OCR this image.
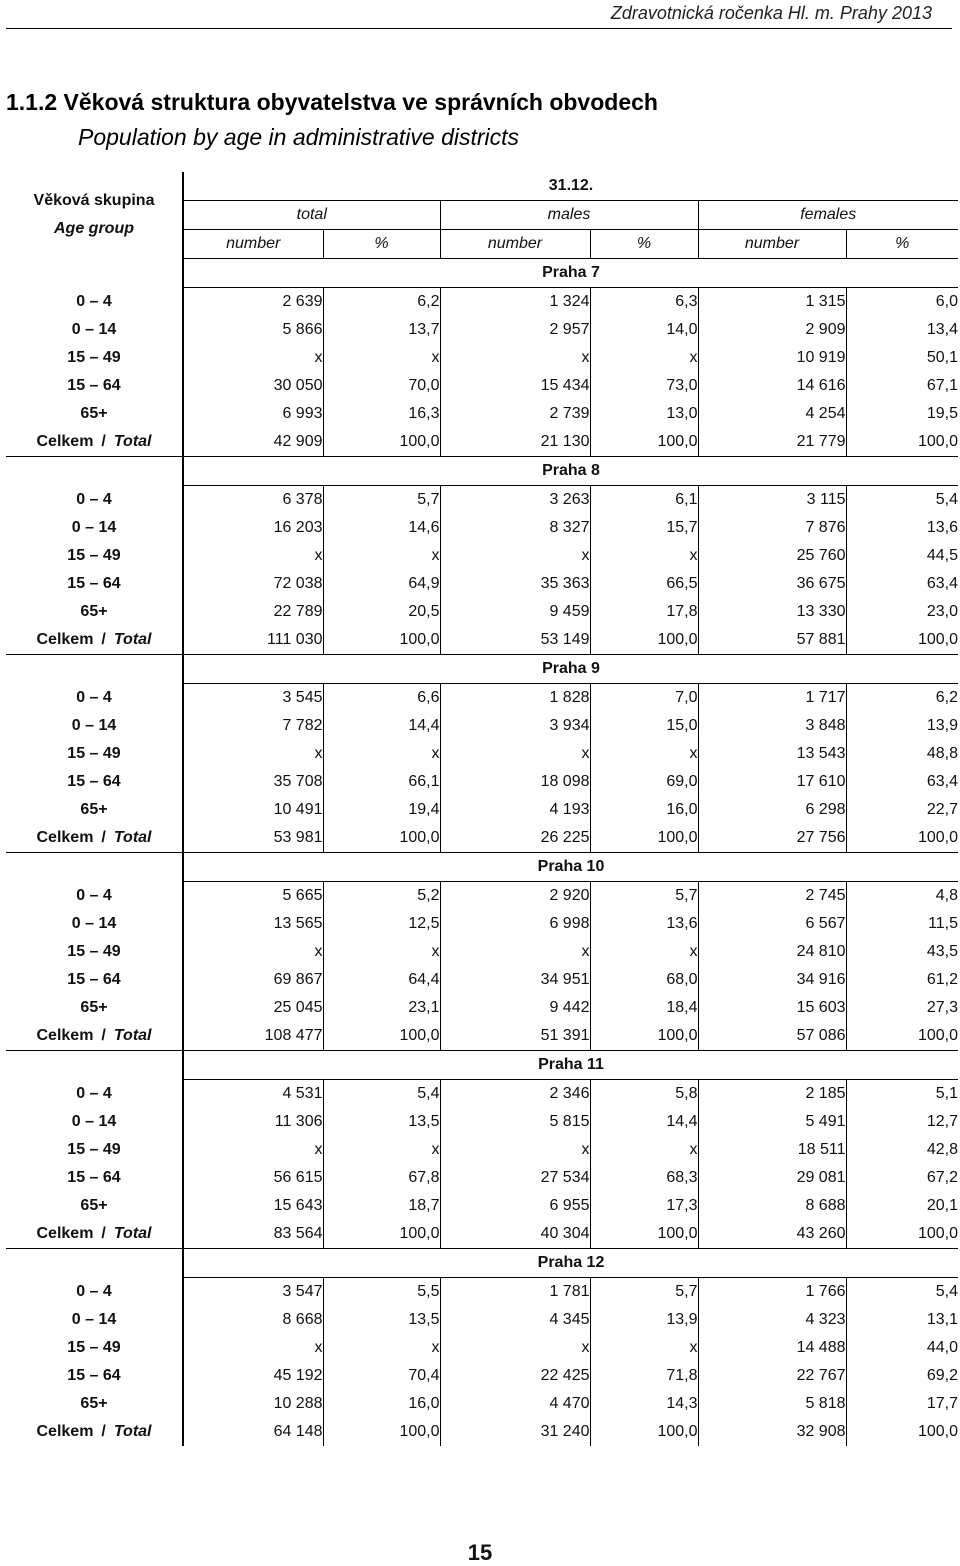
Zdravotnická ročenka Hl. m. Prahy 2013
1.1.2 Věková struktura obyvatelstva ve správních obvodech
Population by age in administrative districts
Věková skupina
Age group	31.12.					
	total		males		females	
	number	%	number	%	number	%
	Praha 7					
0 – 4	2 639	6,2	1 324	6,3	1 315	6,0
0 – 14	5 866	13,7	2 957	14,0	2 909	13,4
15 – 49	x	x	x	x	10 919	50,1
15 – 64	30 050	70,0	15 434	73,0	14 616	67,1
65+	6 993	16,3	2 739	13,0	4 254	19,5
Celkem / Total	42 909	100,0	21 130	100,0	21 779	100,0
	Praha 8					
0 – 4	6 378	5,7	3 263	6,1	3 115	5,4
0 – 14	16 203	14,6	8 327	15,7	7 876	13,6
15 – 49	x	x	x	x	25 760	44,5
15 – 64	72 038	64,9	35 363	66,5	36 675	63,4
65+	22 789	20,5	9 459	17,8	13 330	23,0
Celkem / Total	111 030	100,0	53 149	100,0	57 881	100,0
	Praha 9					
0 – 4	3 545	6,6	1 828	7,0	1 717	6,2
0 – 14	7 782	14,4	3 934	15,0	3 848	13,9
15 – 49	x	x	x	x	13 543	48,8
15 – 64	35 708	66,1	18 098	69,0	17 610	63,4
65+	10 491	19,4	4 193	16,0	6 298	22,7
Celkem / Total	53 981	100,0	26 225	100,0	27 756	100,0
	Praha 10					
0 – 4	5 665	5,2	2 920	5,7	2 745	4,8
0 – 14	13 565	12,5	6 998	13,6	6 567	11,5
15 – 49	x	x	x	x	24 810	43,5
15 – 64	69 867	64,4	34 951	68,0	34 916	61,2
65+	25 045	23,1	9 442	18,4	15 603	27,3
Celkem / Total	108 477	100,0	51 391	100,0	57 086	100,0
	Praha 11					
0 – 4	4 531	5,4	2 346	5,8	2 185	5,1
0 – 14	11 306	13,5	5 815	14,4	5 491	12,7
15 – 49	x	x	x	x	18 511	42,8
15 – 64	56 615	67,8	27 534	68,3	29 081	67,2
65+	15 643	18,7	6 955	17,3	8 688	20,1
Celkem / Total	83 564	100,0	40 304	100,0	43 260	100,0
	Praha 12					
0 – 4	3 547	5,5	1 781	5,7	1 766	5,4
0 – 14	8 668	13,5	4 345	13,9	4 323	13,1
15 – 49	x	x	x	x	14 488	44,0
15 – 64	45 192	70,4	22 425	71,8	22 767	69,2
65+	10 288	16,0	4 470	14,3	5 818	17,7
Celkem / Total	64 148	100,0	31 240	100,0	32 908	100,0
15
